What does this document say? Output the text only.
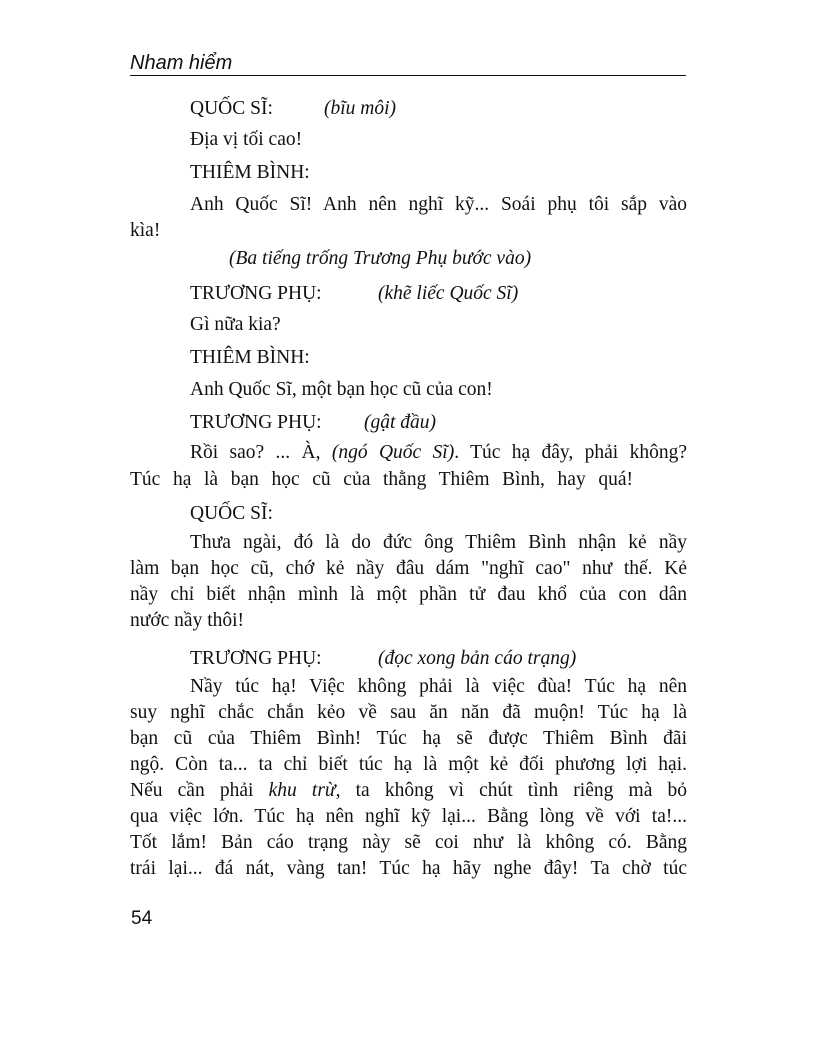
Nham hiểm
QUỐC SĨ:	(bĩu môi)
Địa vị tối cao!
THIÊM BÌNH:
Anh Quốc Sĩ! Anh nên nghĩ kỹ... Soái phụ tôi sắp vào
kìa!
(Ba tiếng trống Trương Phụ bước vào)
TRƯƠNG PHỤ:	(khẽ liếc Quốc Sĩ)
Gì nữa kia?
THIÊM BÌNH:
Anh Quốc Sĩ, một bạn học cũ của con!
TRƯƠNG PHỤ: (gật đầu)
Rồi sao? ... À, (ngó Quốc Sĩ). Túc hạ đây, phải không?
Túc hạ là bạn học cũ của thằng Thiêm Bình, hay quá!
QUỐC SĨ:
Thưa ngài, đó là do đức ông Thiêm Bình nhận kẻ nầy
làm bạn học cũ, chớ kẻ nầy đâu dám "nghĩ cao" như thế. Kẻ
nầy chỉ biết nhận mình là một phần tử đau khổ của con dân
nước nầy thôi!
TRƯƠNG PHỤ:	(đọc xong bản cáo trạng)
Nầy túc hạ! Việc không phải là việc đùa! Túc hạ nên
suy nghĩ chắc chắn kẻo về sau ăn năn đã muộn! Túc hạ là
bạn cũ của Thiêm Bình! Túc hạ sẽ được Thiêm Bình đãi
ngộ. Còn ta... ta chỉ biết túc hạ là một kẻ đối phương lợi hại.
Nếu cần phải khu trừ, ta không vì chút tình riêng mà bỏ
qua việc lớn. Túc hạ nên nghĩ kỹ lại... Bằng lòng về với ta!...
Tốt lắm! Bản cáo trạng này sẽ coi như là không có. Bằng
trái lại... đá nát, vàng tan! Túc hạ hãy nghe đây! Ta chờ túc
54
